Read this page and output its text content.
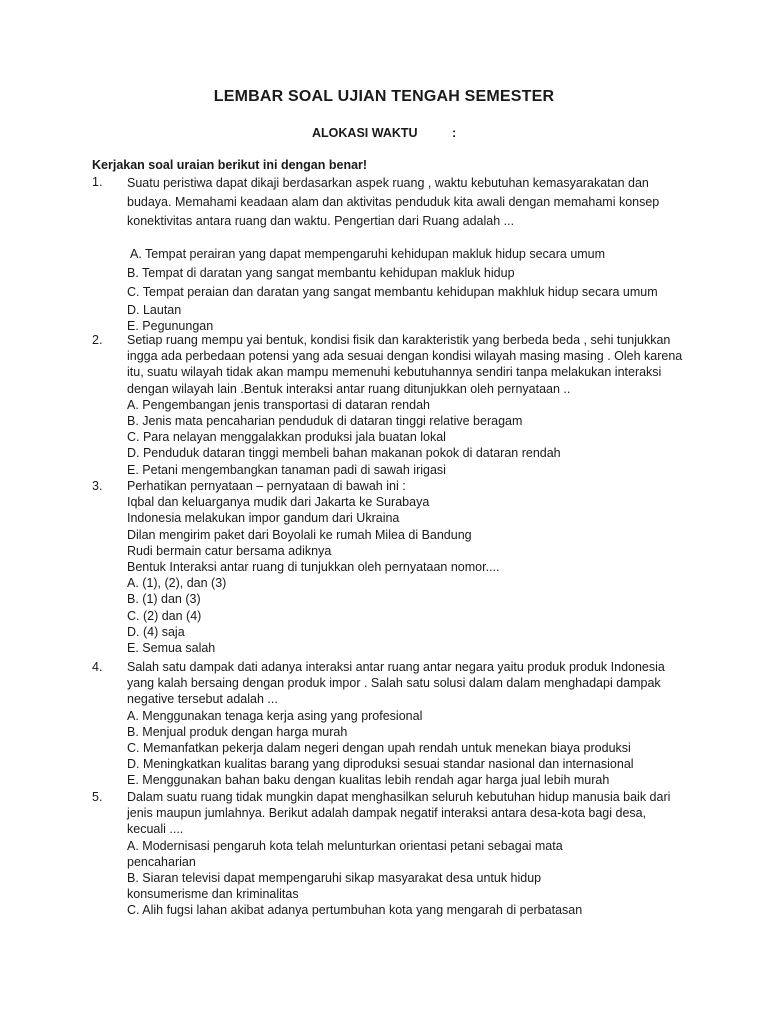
LEMBAR SOAL UJIAN TENGAH SEMESTER
ALOKASI WAKTU	:
Kerjakan soal uraian berikut ini dengan benar!
1. Suatu peristiwa dapat dikaji berdasarkan aspek ruang , waktu kebutuhan kemasyarakatan dan
budaya. Memahami keadaan alam dan aktivitas penduduk kita awali dengan memahami konsep
konektivitas antara ruang dan waktu. Pengertian dari Ruang adalah ...
A. Tempat perairan yang dapat mempengaruhi kehidupan makluk hidup secara umum
B. Tempat di daratan yang sangat membantu kehidupan makluk hidup
C. Tempat peraian dan daratan yang sangat membantu kehidupan makhluk hidup secara umum
D. Lautan
E. Pegunungan
2. Setiap ruang mempu yai bentuk, kondisi fisik dan karakteristik yang berbeda beda , sehi tunjukkan
ingga ada perbedaan potensi yang ada sesuai dengan kondisi wilayah masing masing . Oleh karena
itu, suatu wilayah tidak akan mampu memenuhi kebutuhannya sendiri tanpa melakukan interaksi
dengan wilayah lain .Bentuk interaksi antar ruang ditunjukkan oleh pernyataan ..
A. Pengembangan jenis transportasi di dataran rendah
B. Jenis mata pencaharian penduduk di dataran tinggi relative beragam
C. Para nelayan menggalakkan produksi jala buatan lokal
D. Penduduk dataran tinggi membeli bahan makanan pokok di dataran rendah
E. Petani mengembangkan tanaman padi di sawah irigasi
3. Perhatikan pernyataan – pernyataan di bawah ini :
Iqbal dan keluarganya mudik dari Jakarta ke Surabaya
Indonesia melakukan impor gandum dari Ukraina
Dilan mengirim paket dari Boyolali ke rumah Milea di Bandung
Rudi bermain catur bersama adiknya
Bentuk Interaksi antar ruang di tunjukkan oleh pernyataan nomor....
A. (1), (2), dan (3)
B. (1) dan (3)
C. (2) dan (4)
D. (4) saja
E. Semua salah
4. Salah satu dampak dati adanya interaksi antar ruang antar negara yaitu produk produk Indonesia
yang kalah bersaing dengan produk impor . Salah satu solusi dalam dalam menghadapi dampak
negative tersebut adalah ...
A. Menggunakan tenaga kerja asing yang profesional
B. Menjual produk dengan harga murah
C. Memanfatkan pekerja dalam negeri dengan upah rendah untuk menekan biaya produksi
D. Meningkatkan kualitas barang yang diproduksi sesuai standar nasional dan internasional
E. Menggunakan bahan baku dengan kualitas lebih rendah agar harga jual lebih murah
5. Dalam suatu ruang tidak mungkin dapat menghasilkan seluruh kebutuhan hidup manusia baik dari
jenis maupun jumlahnya. Berikut adalah dampak negatif interaksi antara desa-kota bagi desa,
kecuali ....
A. Modernisasi pengaruh kota telah melunturkan orientasi petani sebagai mata
pencaharian
B. Siaran televisi dapat mempengaruhi sikap masyarakat desa untuk hidup
konsumerisme dan kriminalitas
C. Alih fugsi lahan akibat adanya pertumbuhan kota yang mengarah di perbatasan
